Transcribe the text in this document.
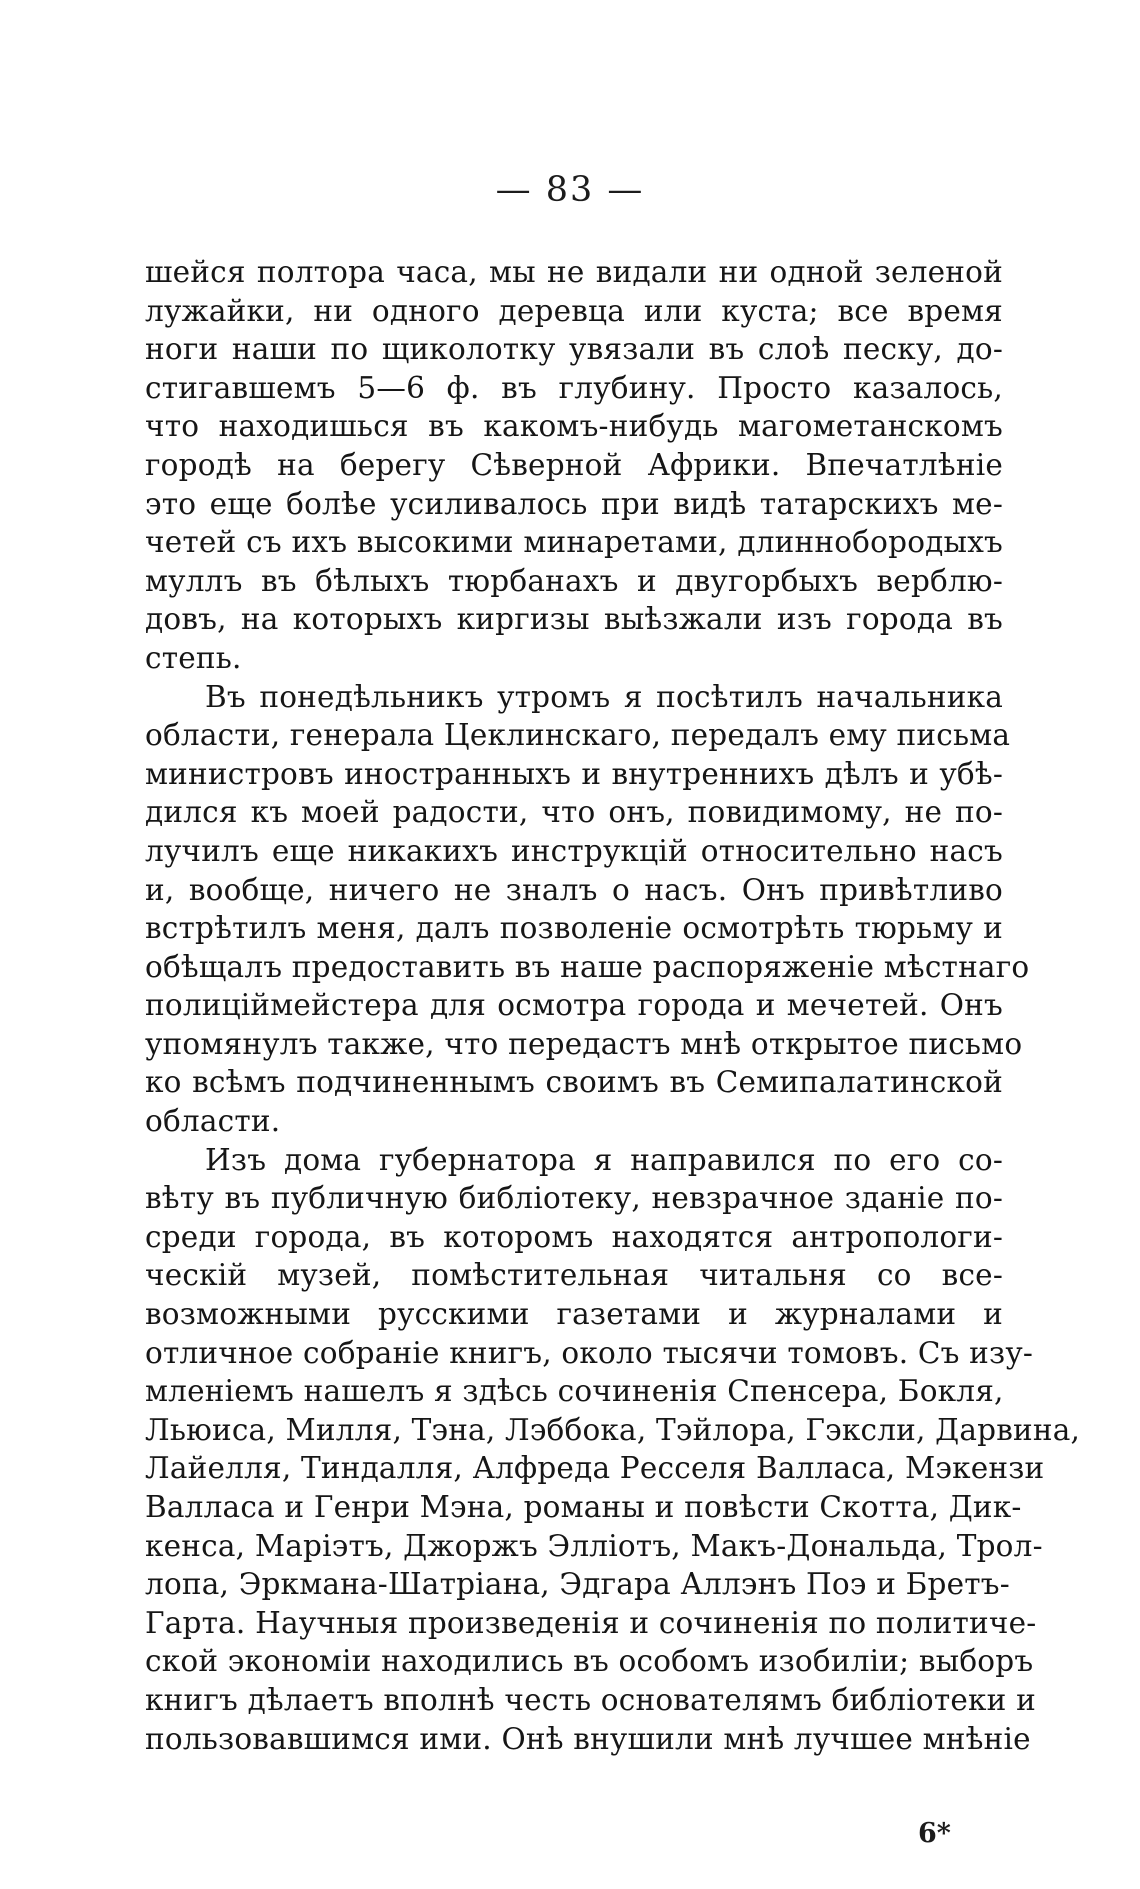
— 83 —
шейся полтора часа, мы не видали ни одной зеленой
лужайки, ни одного деревца или куста; все время
ноги наши по щиколотку увязали въ слоѣ песку, до-
стигавшемъ 5—6 ф. въ глубину. Просто казалось,
что находишься въ какомъ-нибудь магометанскомъ
городѣ на берегу Сѣверной Африки. Впечатлѣніе
это еще болѣе усиливалось при видѣ татарскихъ ме-
четей съ ихъ высокими минаретами, длиннобородыхъ
муллъ въ бѣлыхъ тюрбанахъ и двугорбыхъ верблю-
довъ, на которыхъ киргизы выѣзжали изъ города въ
степь.
Въ понедѣльникъ утромъ я посѣтилъ начальника
области, генерала Цеклинскаго, передалъ ему письма
министровъ иностранныхъ и внутреннихъ дѣлъ и убѣ-
дился къ моей радости, что онъ, повидимому, не по-
лучилъ еще никакихъ инструкцій относительно насъ
и, вообще, ничего не зналъ о насъ. Онъ привѣтливо
встрѣтилъ меня, далъ позволеніе осмотрѣть тюрьму и
обѣщалъ предоставить въ наше распоряженіе мѣстнаго
полиціймейстера для осмотра города и мечетей. Онъ
упомянулъ также, что передастъ мнѣ открытое письмо
ко всѣмъ подчиненнымъ своимъ въ Семипалатинской
области.
Изъ дома губернатора я направился по его со-
вѣту въ публичную библіотеку, невзрачное зданіе по-
среди города, въ которомъ находятся антропологи-
ческій музей, помѣстительная читальня со все-
возможными русскими газетами и журналами и
отличное собраніе книгъ, около тысячи томовъ. Съ изу-
мленіемъ нашелъ я здѣсь сочиненія Спенсера, Бокля,
Льюиса, Милля, Тэна, Лэббока, Тэйлора, Гэксли, Дарвина,
Лайелля, Тиндалля, Алфреда Ресселя Валласа, Мэкензи
Валласа и Генри Мэна, романы и повѣсти Скотта, Дик-
кенса, Маріэтъ, Джоржъ Эллiотъ, Макъ-Дональда, Трол-
лопа, Эркмана-Шатріана, Эдгара Аллэнъ Поэ и Бретъ-
Гарта. Научныя произведенія и сочиненія по политиче-
ской экономіи находились въ особомъ изобиліи; выборъ
книгъ дѣлаетъ вполнѣ честь основателямъ библіотеки и
пользовавшимся ими. Онѣ внушили мнѣ лучшее мнѣніе
6*
